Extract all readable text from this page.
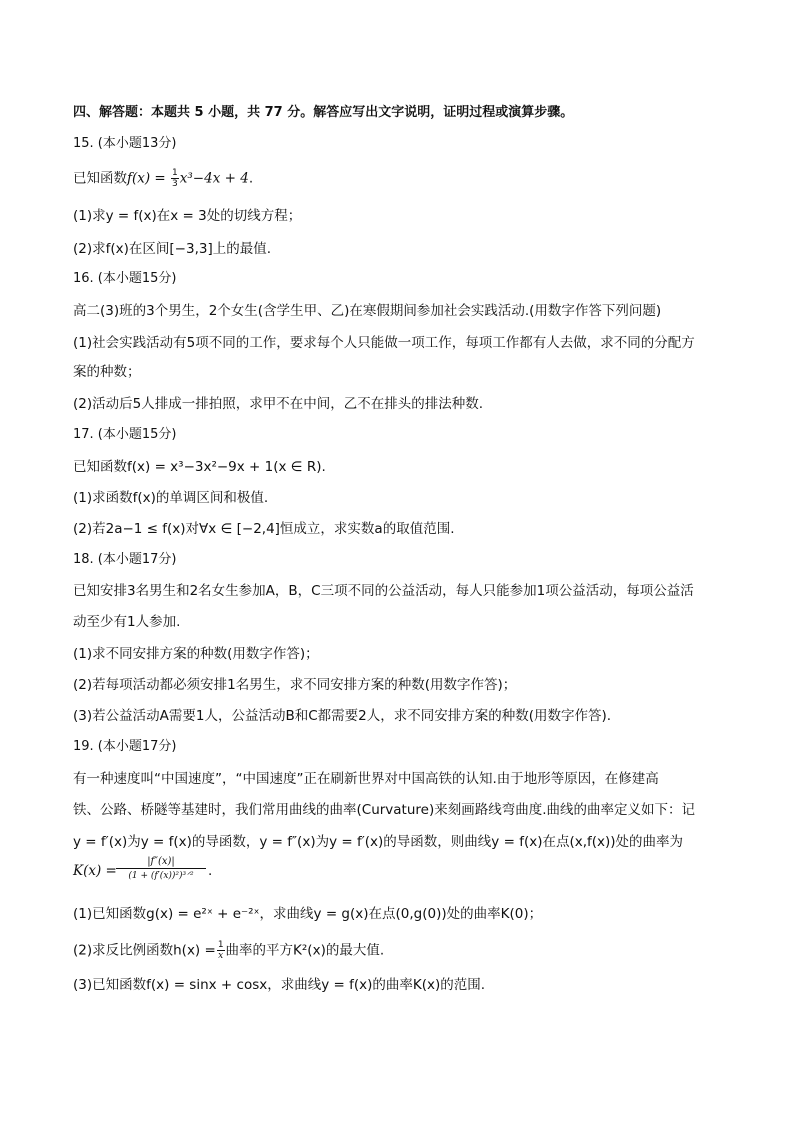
四、解答题：本题共 5 小题，共 77 分。解答应写出文字说明，证明过程或演算步骤。
15. (本小题13分)
已知函数$f(x) = \frac{1}{3} x^3-4x + 4$.
(1)求y = f(x)在x = 3处的切线方程；
(2)求f(x)在区间[−3,3]上的最值.
16. (本小题15分)
高二(3)班的3个男生，2个女生(含学生甲、乙)在寒假期间参加社会实践活动.(用数字作答下列问题)
(1)社会实践活动有5项不同的工作，要求每个人只能做一项工作，每项工作都有人去做，求不同的分配方
案的种数；
(2)活动后5人排成一排拍照，求甲不在中间，乙不在排头的排法种数.
17. (本小题15分)
已知函数f(x) = x³−3x²−9x + 1(x ∈ R).
(1)求函数f(x)的单调区间和极值.
(2)若2a−1 ≤ f(x)对∀x ∈ [−2,4]恒成立，求实数a的取值范围.
18. (本小题17分)
已知安排3名男生和2名女生参加A，B，C三项不同的公益活动，每人只能参加1项公益活动，每项公益活
动至少有1人参加.
(1)求不同安排方案的种数(用数字作答)；
(2)若每项活动都必须安排1名男生，求不同安排方案的种数(用数字作答)；
(3)若公益活动A需要1人，公益活动B和C都需要2人，求不同安排方案的种数(用数字作答).
19. (本小题17分)
有一种速度叫“中国速度”，“中国速度”正在刷新世界对中国高铁的认知.由于地形等原因，在修建高
铁、公路、桥隧等基建时，我们常用曲线的曲率(Curvature)来刻画路线弯曲度.曲线的曲率定义如下：记
y = f′(x)为y = f(x)的导函数，y = f″(x)为y = f′(x)的导函数，则曲线y = f(x)在点(x,f(x))处的曲率为
K(x) =
|f″(x)|
(1 + (f′(x))²)³ᐟ²	.
(1)已知函数g(x) = e²ˣ + e⁻²ˣ，求曲线y = g(x)在点(0,g(0))处的曲率K(0)；
(2)求反比例函数$h(x) = \frac{1}{x}$ 曲率的平方K²(x)的最大值.
(3)已知函数f(x) = sinx + cosx，求曲线y = f(x)的曲率K(x)的范围.
